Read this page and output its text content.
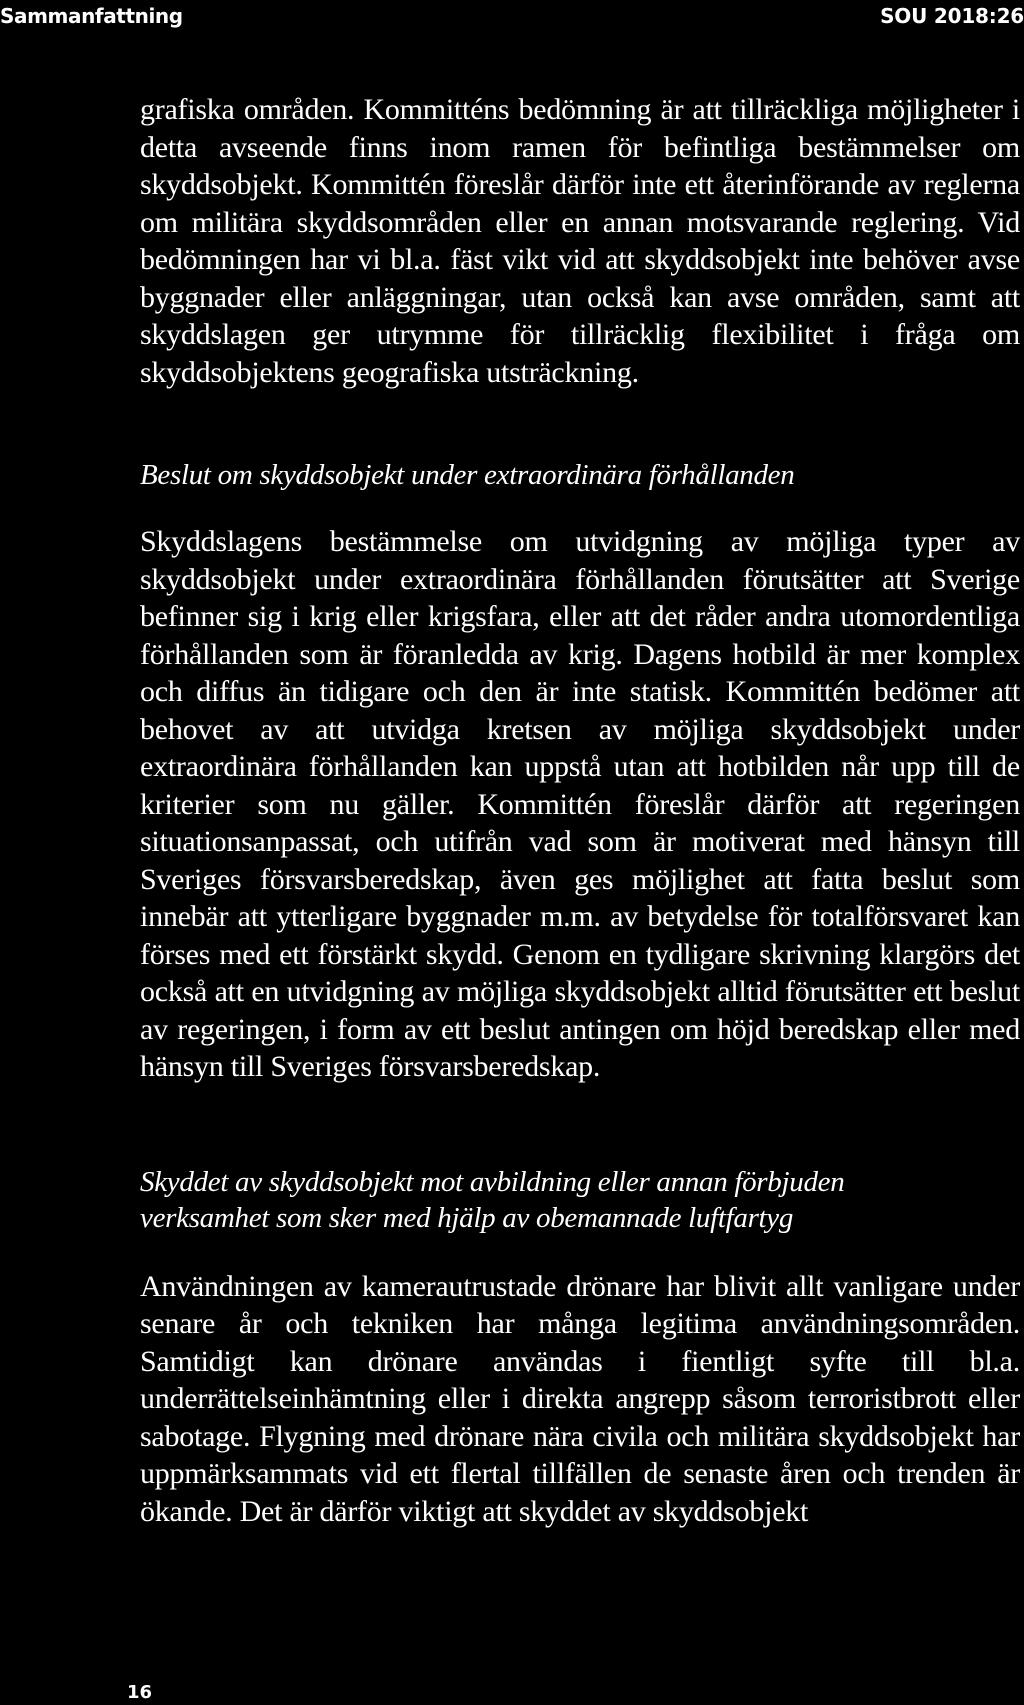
Sammanfattning	SOU 2018:26

grafiska områden. Kommitténs bedömning är att tillräckliga möjligheter i detta avseende finns inom ramen för befintliga bestämmelser om skyddsobjekt. Kommittén föreslår därför inte ett återinförande av reglerna om militära skyddsområden eller en annan motsvarande reglering. Vid bedömningen har vi bl.a. fäst vikt vid att skyddsobjekt inte behöver avse byggnader eller anläggningar, utan också kan avse områden, samt att skyddslagen ger utrymme för tillräcklig flexibilitet i fråga om skyddsobjektens geografiska utsträckning.

Beslut om skyddsobjekt under extraordinära förhållanden

Skyddslagens bestämmelse om utvidgning av möjliga typer av skyddsobjekt under extraordinära förhållanden förutsätter att Sverige befinner sig i krig eller krigsfara, eller att det råder andra utomordentliga förhållanden som är föranledda av krig. Dagens hotbild är mer komplex och diffus än tidigare och den är inte statisk. Kommittén bedömer att behovet av att utvidga kretsen av möjliga skyddsobjekt under extraordinära förhållanden kan uppstå utan att hotbilden når upp till de kriterier som nu gäller. Kommittén föreslår därför att regeringen situationsanpassat, och utifrån vad som är motiverat med hänsyn till Sveriges försvarsberedskap, även ges möjlighet att fatta beslut som innebär att ytterligare byggnader m.m. av betydelse för totalförsvaret kan förses med ett förstärkt skydd. Genom en tydligare skrivning klargörs det också att en utvidgning av möjliga skyddsobjekt alltid förutsätter ett beslut av regeringen, i form av ett beslut antingen om höjd beredskap eller med hänsyn till Sveriges försvarsberedskap.

Skyddet av skyddsobjekt mot avbildning eller annan förbjuden
verksamhet som sker med hjälp av obemannade luftfartyg

Användningen av kamerautrustade drönare har blivit allt vanligare under senare år och tekniken har många legitima användningsområden. Samtidigt kan drönare användas i fientligt syfte till bl.a. underrättelseinhämtning eller i direkta angrepp såsom terroristbrott eller sabotage. Flygning med drönare nära civila och militära skyddsobjekt har uppmärksammats vid ett flertal tillfällen de senaste åren och trenden är ökande. Det är därför viktigt att skyddet av skyddsobjekt

16
